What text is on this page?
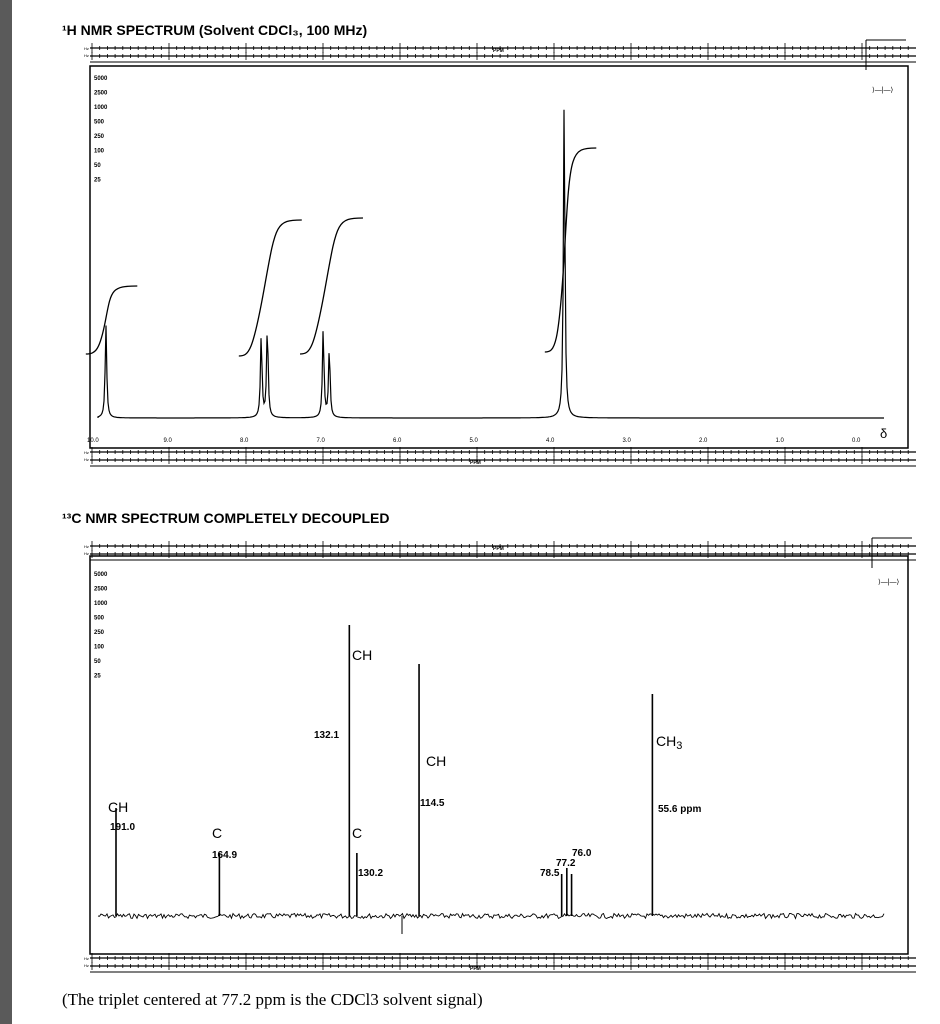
¹H NMR SPECTRUM (Solvent CDCl₃, 100 MHz)
¹³C NMR SPECTRUM COMPLETELY DECOUPLED
(The triplet centered at 77.2 ppm is the CDCl3 solvent signal)
PPM
Hz
Hz
PPM
Hz
Hz
5000
2500
1000
500
250
100
50
25
⟩—|—⟩
10.0	9.0	8.0	7.0	6.0	5.0	4.0	3.0	2.0	1.0	0.0 δ
PPM
Hz
Hz
PPM
Hz
Hz
5000
2500
1000
500
250
100
50
25
⟩—|—⟩
191.0
CH
164.9
C
132.1
CH
130.2
C
114.5
CH
78.5
77.2
76.0
55.6 ppm
$CH_3$
